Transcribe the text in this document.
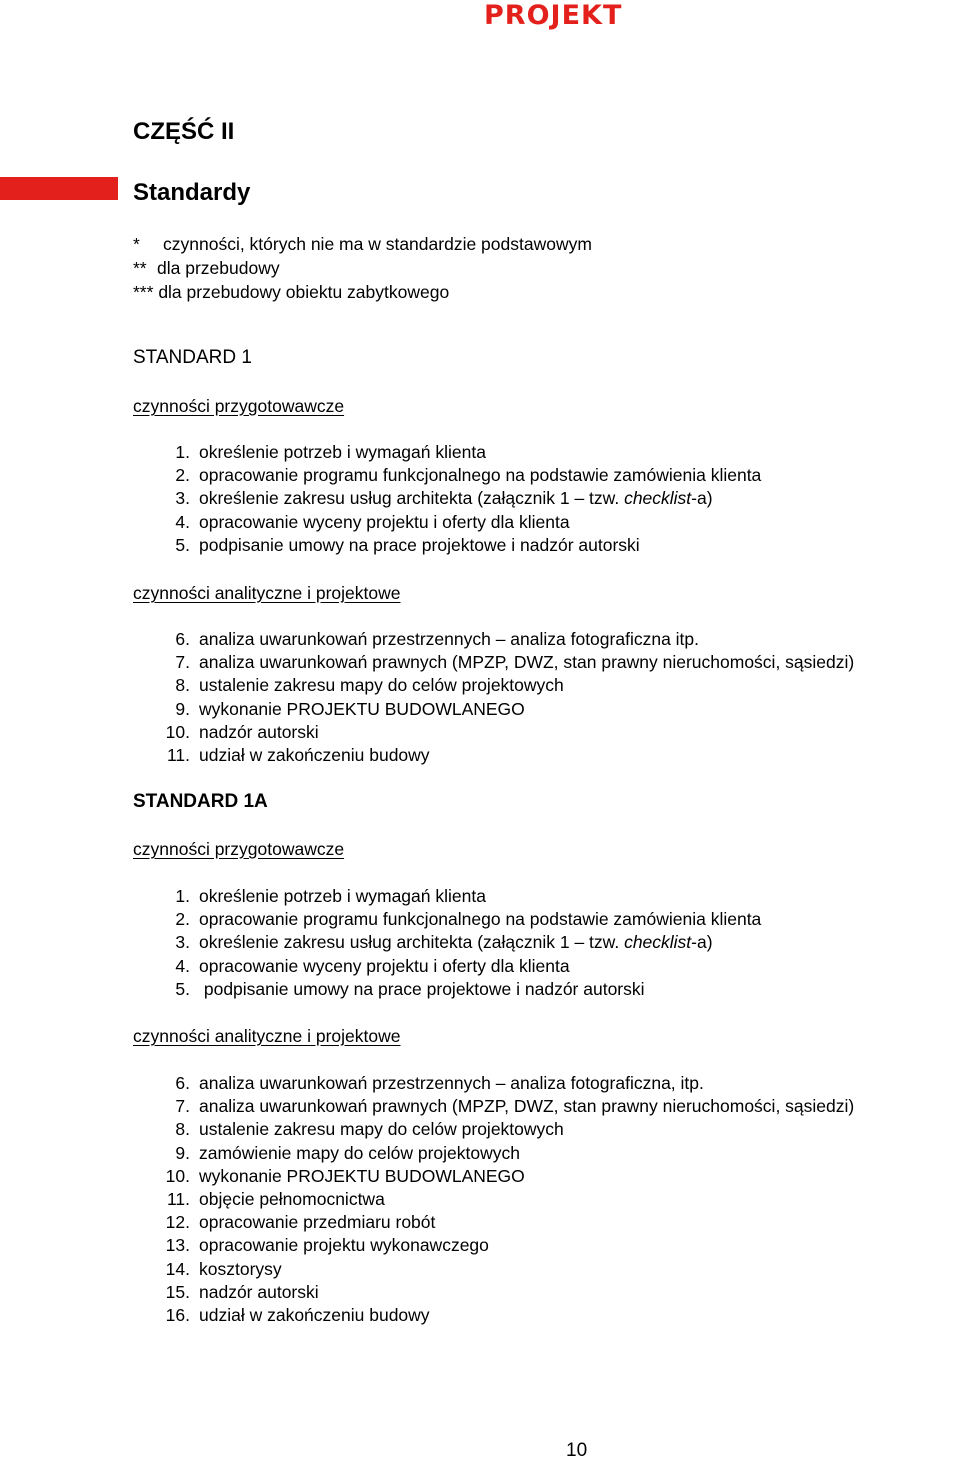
PROJEKT
CZĘŚĆ II
Standardy
* czynności, których nie ma w standardzie podstawowym
** dla przebudowy
*** dla przebudowy obiektu zabytkowego
STANDARD 1
czynności przygotowawcze
1. określenie potrzeb i wymagań klienta
2. opracowanie programu funkcjonalnego na podstawie zamówienia klienta
3. określenie zakresu usług architekta (załącznik 1 – tzw. checklist-a)
4. opracowanie wyceny projektu i oferty dla klienta
5. podpisanie umowy na prace projektowe i nadzór autorski
czynności analityczne i projektowe
6. analiza uwarunkowań przestrzennych – analiza fotograficzna itp.
7. analiza uwarunkowań prawnych (MPZP, DWZ, stan prawny nieruchomości, sąsiedzi)
8. ustalenie zakresu mapy do celów projektowych
9. wykonanie PROJEKTU BUDOWLANEGO
10. nadzór autorski
11. udział w zakończeniu budowy
STANDARD 1A
czynności przygotowawcze
1. określenie potrzeb i wymagań klienta
2. opracowanie programu funkcjonalnego na podstawie zamówienia klienta
3. określenie zakresu usług architekta (załącznik 1 – tzw. checklist-a)
4. opracowanie wyceny projektu i oferty dla klienta
5. podpisanie umowy na prace projektowe i nadzór autorski
czynności analityczne i projektowe
6. analiza uwarunkowań przestrzennych – analiza fotograficzna, itp.
7. analiza uwarunkowań prawnych (MPZP, DWZ, stan prawny nieruchomości, sąsiedzi)
8. ustalenie zakresu mapy do celów projektowych
9. zamówienie mapy do celów projektowych
10. wykonanie PROJEKTU BUDOWLANEGO
11. objęcie pełnomocnictwa
12. opracowanie przedmiaru robót
13. opracowanie projektu wykonawczego
14. kosztorysy
15. nadzór autorski
16. udział w zakończeniu budowy
10
